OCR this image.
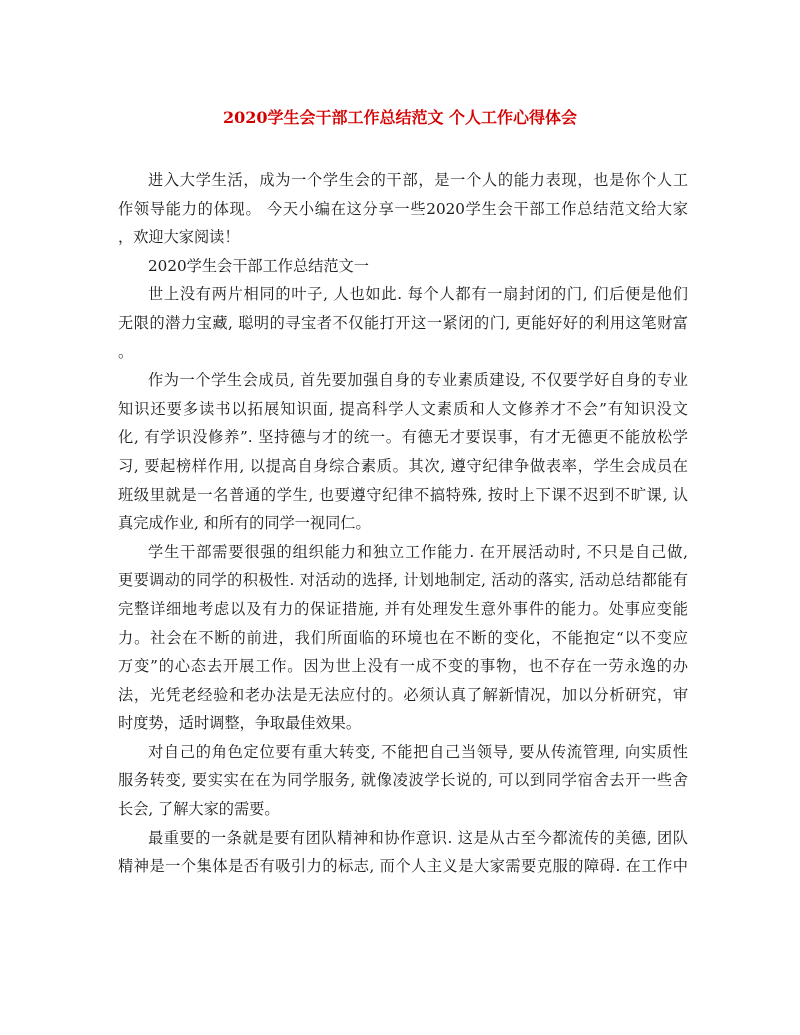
2020学生会干部工作总结范文 个人工作心得体会
进入大学生活，成为一个学生会的干部，是一个人的能力表现，也是你个人工
作领导能力的体现。 今天小编在这分享一些2020学生会干部工作总结范文给大家
，欢迎大家阅读！
2020学生会干部工作总结范文一
世上没有两片相同的叶子, 人也如此. 每个人都有一扇封闭的门, 们后便是他们
无限的潜力宝藏, 聪明的寻宝者不仅能打开这一紧闭的门, 更能好好的利用这笔财富
。
作为一个学生会成员, 首先要加强自身的专业素质建设, 不仅要学好自身的专业
知识还要多读书以拓展知识面, 提高科学人文素质和人文修养才不会”有知识没文
化, 有学识没修养”. 坚持德与才的统一。有德无才要误事，有才无德更不能放松学
习, 要起榜样作用, 以提高自身综合素质。其次, 遵守纪律争做表率，学生会成员在
班级里就是一名普通的学生, 也要遵守纪律不搞特殊, 按时上下课不迟到不旷课, 认
真完成作业, 和所有的同学一视同仁。
学生干部需要很强的组织能力和独立工作能力. 在开展活动时, 不只是自己做,
更要调动的同学的积极性. 对活动的选择, 计划地制定, 活动的落实, 活动总结都能有
完整详细地考虑以及有力的保证措施, 并有处理发生意外事件的能力。处事应变能
力。社会在不断的前进，我们所面临的环境也在不断的变化，不能抱定“以不变应
万变”的心态去开展工作。因为世上没有一成不变的事物，也不存在一劳永逸的办
法，光凭老经验和老办法是无法应付的。必须认真了解新情况，加以分析研究，审
时度势，适时调整，争取最佳效果。
对自己的角色定位要有重大转变, 不能把自己当领导, 要从传流管理, 向实质性
服务转变, 要实实在在为同学服务, 就像凌波学长说的, 可以到同学宿舍去开一些舍
长会, 了解大家的需要。
最重要的一条就是要有团队精神和协作意识. 这是从古至今都流传的美德, 团队
精神是一个集体是否有吸引力的标志, 而个人主义是大家需要克服的障碍. 在工作中
